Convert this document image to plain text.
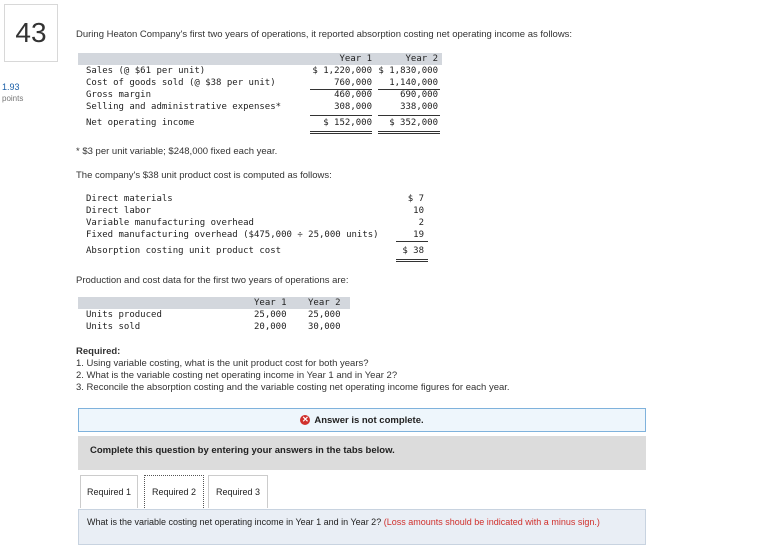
43
1.93
points
During Heaton Company's first two years of operations, it reported absorption costing net operating income as follows:
Year 1	Year 2
Sales (@ $61 per unit)	$ 1,220,000 $ 1,830,000
Cost of goods sold (@ $38 per unit)	760,000	1,140,000
Gross margin	460,000	690,000
Selling and administrative expenses*	308,000	338,000
Net operating income	$ 152,000	$ 352,000
* $3 per unit variable; $248,000 fixed each year.
The company's $38 unit product cost is computed as follows:
Direct materials	$ 7
Direct labor	10
Variable manufacturing overhead	2
Fixed manufacturing overhead ($475,000 ÷ 25,000 units)	19
Absorption costing unit product cost	$ 38
Production and cost data for the first two years of operations are:
Year 1 Year 2
Units produced	25,000 25,000
Units sold	20,000 30,000
Required:
1. Using variable costing, what is the unit product cost for both years?
2. What is the variable costing net operating income in Year 1 and in Year 2?
3. Reconcile the absorption costing and the variable costing net operating income figures for each year.
✕ Answer is not complete.
Complete this question by entering your answers in the tabs below.
Required 1	Required 2	Required 3
What is the variable costing net operating income in Year 1 and in Year 2? (Loss amounts should be indicated with a minus sign.)
